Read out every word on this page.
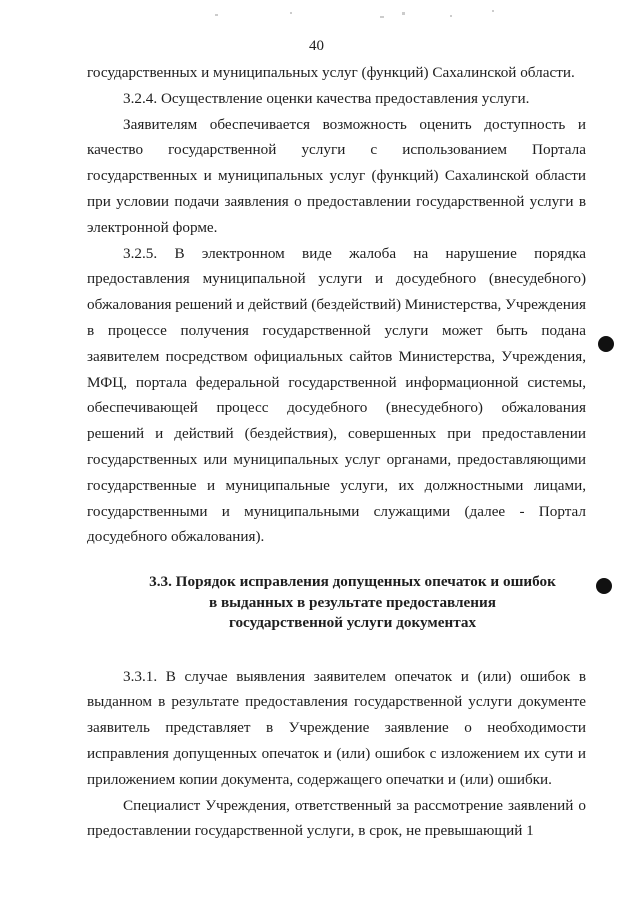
40

государственных и муниципальных услуг (функций) Сахалинской области.

3.2.4. Осуществление оценки качества предоставления услуги.

Заявителям обеспечивается возможность оценить доступность и качество государственной услуги с использованием Портала государственных и муниципальных услуг (функций) Сахалинской области при условии подачи заявления о предоставлении государственной услуги в электронной форме.

3.2.5. В электронном виде жалоба на нарушение порядка предоставления муниципальной услуги и досудебного (внесудебного) обжалования решений и действий (бездействий) Министерства, Учреждения в процессе получения государственной услуги может быть подана заявителем посредством официальных сайтов Министерства, Учреждения, МФЦ, портала федеральной государственной информационной системы, обеспечивающей процесс досудебного (внесудебного) обжалования решений и действий (бездействия), совершенных при предоставлении государственных или муниципальных услуг органами, предоставляющими государственные и муниципальные услуги, их должностными лицами, государственными и муниципальными служащими (далее - Портал досудебного обжалования).

3.3. Порядок исправления допущенных опечаток и ошибок
в выданных в результате предоставления
государственной услуги документах

3.3.1. В случае выявления заявителем опечаток и (или) ошибок в выданном в результате предоставления государственной услуги документе заявитель представляет в Учреждение заявление о необходимости исправления допущенных опечаток и (или) ошибок с изложением их сути и приложением копии документа, содержащего опечатки и (или) ошибки.

Специалист Учреждения, ответственный за рассмотрение заявлений о предоставлении государственной услуги, в срок, не превышающий 1
